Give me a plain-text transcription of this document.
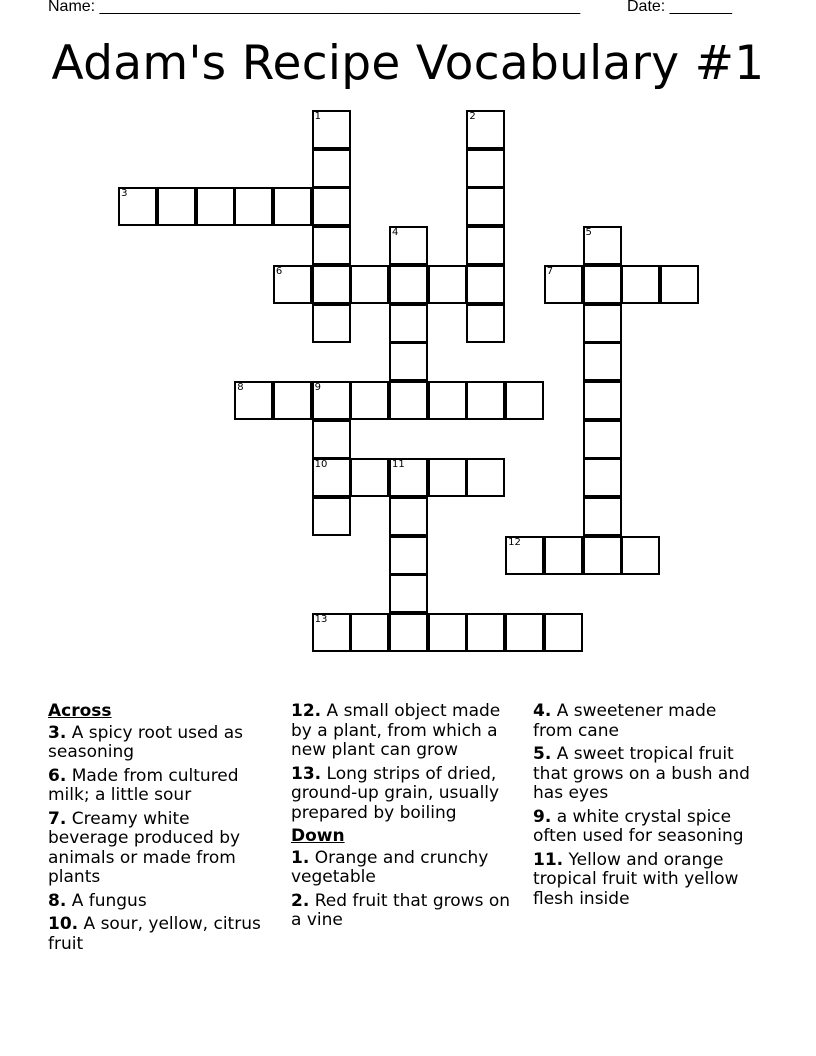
Name: ______________________________________________________	Date: _______
Adam's Recipe Vocabulary #1
1	2
3
4	5
6	7
8	9
10	11
12
13
Across
3. A spicy root used as seasoning
6. Made from cultured milk; a little sour
7. Creamy white beverage produced by animals or made from plants
8. A fungus
10. A sour, yellow, citrus fruit
12. A small object made by a plant, from which a new plant can grow
13. Long strips of dried, ground-up grain, usually prepared by boiling
Down
1. Orange and crunchy vegetable
2. Red fruit that grows on a vine
4. A sweetener made from cane
5. A sweet tropical fruit that grows on a bush and has eyes
9. a white crystal spice often used for seasoning
11. Yellow and orange tropical fruit with yellow flesh inside
